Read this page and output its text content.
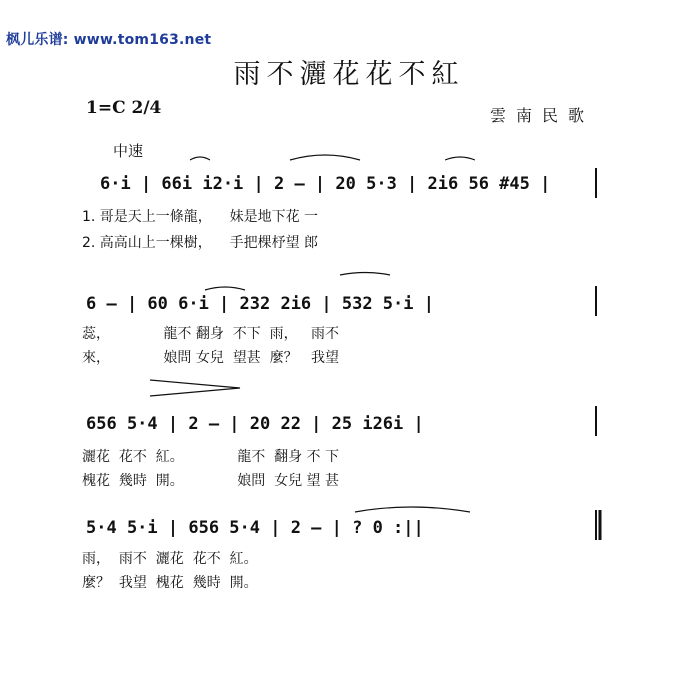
枫儿乐谱: www.tom163.net
雨不灑花花不紅
1=C 2/4	雲南民歌
中速
6·i | 66i i2·i | 2 — | 20 5·3 | 2i6 56 #45 |
1. 哥是天上一條龍，    妹是地下花 一
2. 高高山上一棵樹，    手把棵杼望 郎
6 — | 60 6·i | 232 2i6 | 532 5·i |
蕊，            龍不 翻身  不下  雨，   雨不
來，            娘問 女兒  望甚  麼？   我望
656 5·4 | 2 — | 20 22 | 25 i26i |
灑花  花不  紅。            龍不  翻身 不 下
槐花  幾時  開。            娘問  女兒 望 甚
5·4 5·i | 656 5·4 | 2 — | ? 0 :||
雨，  雨不  灑花  花不  紅。
麼？  我望  槐花  幾時  開。
